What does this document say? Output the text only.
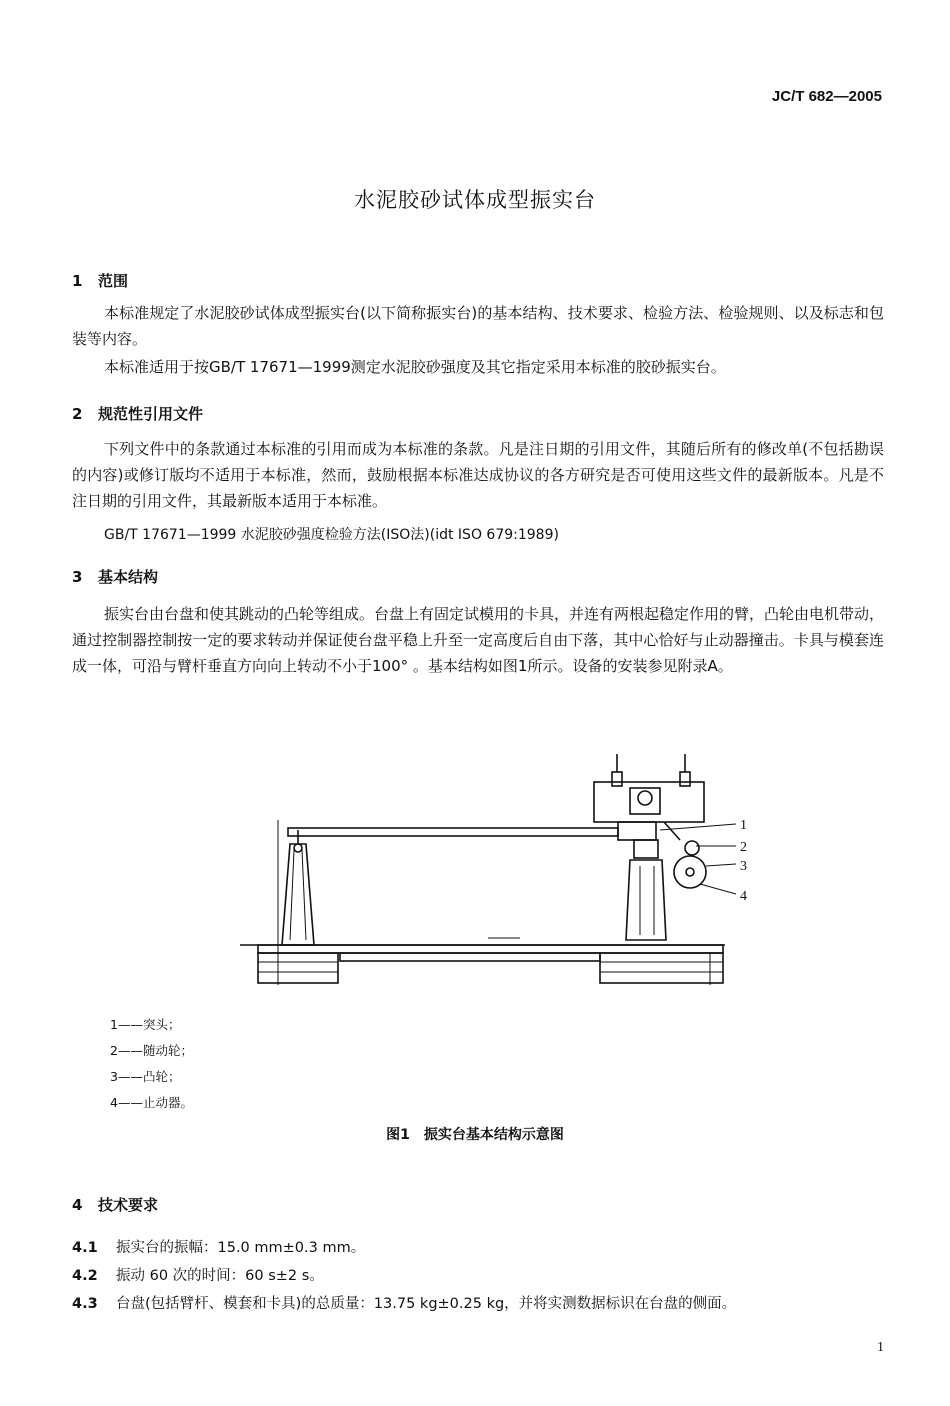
JC/T 682—2005
水泥胶砂试体成型振实台
1 范围

本标准规定了水泥胶砂试体成型振实台(以下简称振实台)的基本结构、技术要求、检验方法、检验规则、以及标志和包装等内容。

本标准适用于按GB/T 17671—1999测定水泥胶砂强度及其它指定采用本标准的胶砂振实台。

2 规范性引用文件

下列文件中的条款通过本标准的引用而成为本标准的条款。凡是注日期的引用文件，其随后所有的修改单(不包括勘误的内容)或修订版均不适用于本标准，然而，鼓励根据本标准达成协议的各方研究是否可使用这些文件的最新版本。凡是不注日期的引用文件，其最新版本适用于本标准。

GB/T 17671—1999 水泥胶砂强度检验方法(ISO法)(idt ISO 679:1989)
3 基本结构

振实台由台盘和使其跳动的凸轮等组成。台盘上有固定试模用的卡具，并连有两根起稳定作用的臂，凸轮由电机带动，通过控制器控制按一定的要求转动并保证使台盘平稳上升至一定高度后自由下落，其中心恰好与止动器撞击。卡具与模套连成一体，可沿与臂杆垂直方向向上转动不小于100° 。基本结构如图1所示。设备的安装参见附录A。

1
2
3
4
1——突头；
2——随动轮；
3——凸轮；
4——止动器。
图1 振实台基本结构示意图
4 技术要求
4.1 振实台的振幅：15.0 mm±0.3 mm。
4.2 振动 60 次的时间：60 s±2 s。
4.3 台盘(包括臂杆、模套和卡具)的总质量：13.75 kg±0.25 kg，并将实测数据标识在台盘的侧面。
1
